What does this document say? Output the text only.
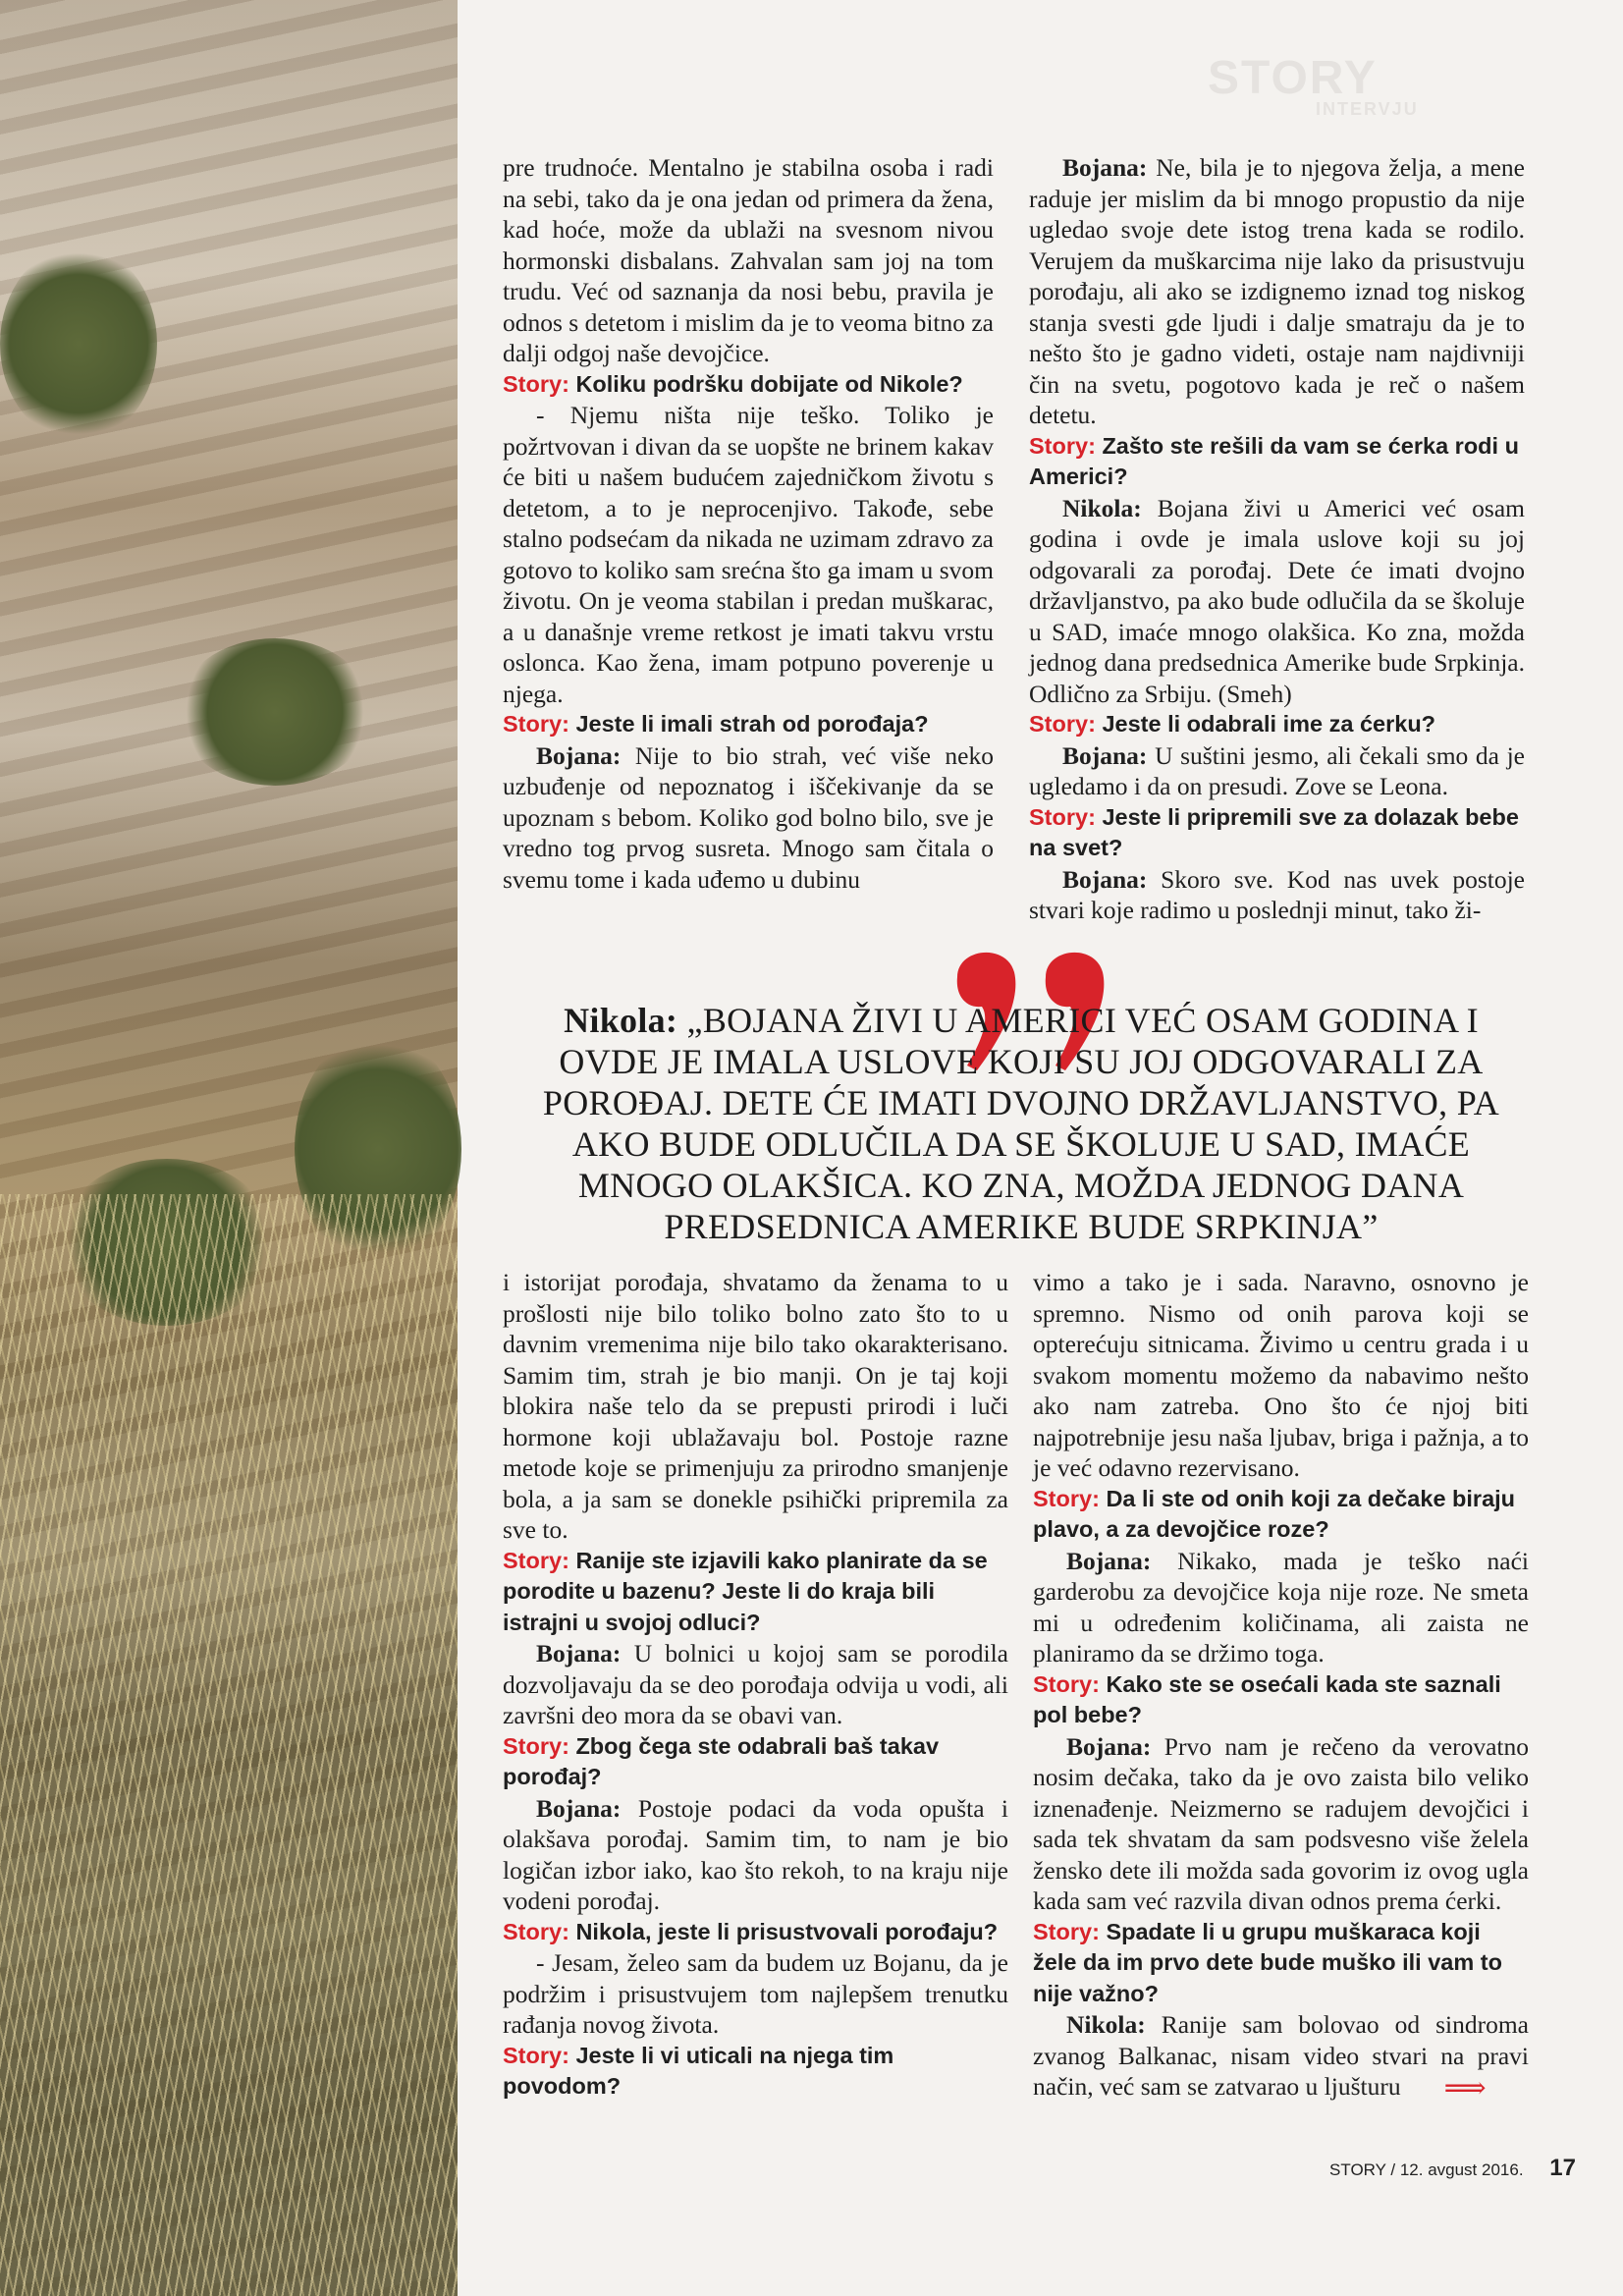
STORY
INTERVJU

pre trudnoće. Mentalno je stabilna osoba i radi na sebi, tako da je ona jedan od primera da žena, kad hoće, može da ublaži na svesnom nivou hormonski disbalans. Zahvalan sam joj na tom trudu. Već od saznanja da nosi bebu, pravila je odnos s detetom i mislim da je to veoma bitno za dalji odgoj naše devojčice.

Story: Koliku podršku dobijate od Nikole?

- Njemu ništa nije teško. Toliko je požrtvovan i divan da se uopšte ne brinem kakav će biti u našem budućem zajedničkom životu s detetom, a to je neprocenjivo. Takođe, sebe stalno podsećam da nikada ne uzimam zdravo za gotovo to koliko sam srećna što ga imam u svom životu. On je veoma stabilan i predan muškarac, a u današnje vreme retkost je imati takvu vrstu oslonca. Kao žena, imam potpuno poverenje u njega.

Story: Jeste li imali strah od porođaja?

Bojana: Nije to bio strah, već više neko uzbuđenje od nepoznatog i iščekivanje da se upoznam s bebom. Koliko god bolno bilo, sve je vredno tog prvog susreta. Mnogo sam čitala o svemu tome i kada uđemo u dubinu

Bojana: Ne, bila je to njegova želja, a mene raduje jer mislim da bi mnogo propustio da nije ugledao svoje dete istog trena kada se rodilo. Verujem da muškarcima nije lako da prisustvuju porođaju, ali ako se izdignemo iznad tog niskog stanja svesti gde ljudi i dalje smatraju da je to nešto što je gadno videti, ostaje nam najdivniji čin na svetu, pogotovo kada je reč o našem detetu.

Story: Zašto ste rešili da vam se ćerka rodi u Americi?

Nikola: Bojana živi u Americi već osam godina i ovde je imala uslove koji su joj odgovarali za porođaj. Dete će imati dvojno državljanstvo, pa ako bude odlučila da se školuje u SAD, imaće mnogo olakšica. Ko zna, možda jednog dana predsednica Amerike bude Srpkinja. Odlično za Srbiju. (Smeh)

Story: Jeste li odabrali ime za ćerku?

Bojana: U suštini jesmo, ali čekali smo da je ugledamo i da on presudi. Zove se Leona.

Story: Jeste li pripremili sve za dolazak bebe na svet?

Bojana: Skoro sve. Kod nas uvek postoje stvari koje radimo u poslednji minut, tako ži-

Nikola: „BOJANA ŽIVI U AMERICI VEĆ OSAM GODINA I OVDE JE IMALA USLOVE KOJI SU JOJ ODGOVARALI ZA POROĐAJ. DETE ĆE IMATI DVOJNO DRŽAVLJANSTVO, PA AKO BUDE ODLUČILA DA SE ŠKOLUJE U SAD, IMAĆE MNOGO OLAKŠICA. KO ZNA, MOŽDA JEDNOG DANA PREDSEDNICA AMERIKE BUDE SRPKINJA”

i istorijat porođaja, shvatamo da ženama to u prošlosti nije bilo toliko bolno zato što to u davnim vremenima nije bilo tako okarakterisano. Samim tim, strah je bio manji. On je taj koji blokira naše telo da se prepusti prirodi i luči hormone koji ublažavaju bol. Postoje razne metode koje se primenjuju za prirodno smanjenje bola, a ja sam se donekle psihički pripremila za sve to.

Story: Ranije ste izjavili kako planirate da se porodite u bazenu? Jeste li do kraja bili istrajni u svojoj odluci?

Bojana: U bolnici u kojoj sam se porodila dozvoljavaju da se deo porođaja odvija u vodi, ali završni deo mora da se obavi van.

Story: Zbog čega ste odabrali baš takav porođaj?

Bojana: Postoje podaci da voda opušta i olakšava porođaj. Samim tim, to nam je bio logičan izbor iako, kao što rekoh, to na kraju nije vodeni porođaj.

Story: Nikola, jeste li prisustvovali porođaju?

- Jesam, želeo sam da budem uz Bojanu, da je podržim i prisustvujem tom najlepšem trenutku rađanja novog života.

Story: Jeste li vi uticali na njega tim povodom?

vimo a tako je i sada. Naravno, osnovno je spremno. Nismo od onih parova koji se opterećuju sitnicama. Živimo u centru grada i u svakom momentu možemo da nabavimo nešto ako nam zatreba. Ono što će njoj biti najpotrebnije jesu naša ljubav, briga i pažnja, a to je već odavno rezervisano.

Story: Da li ste od onih koji za dečake biraju plavo, a za devojčice roze?

Bojana: Nikako, mada je teško naći garderobu za devojčice koja nije roze. Ne smeta mi u određenim količinama, ali zaista ne planiramo da se držimo toga.

Story: Kako ste se osećali kada ste saznali pol bebe?

Bojana: Prvo nam je rečeno da verovatno nosim dečaka, tako da je ovo zaista bilo veliko iznenađenje. Neizmerno se radujem devojčici i sada tek shvatam da sam podsvesno više želela žensko dete ili možda sada govorim iz ovog ugla kada sam već razvila divan odnos prema ćerki.

Story: Spadate li u grupu muškaraca koji žele da im prvo dete bude muško ili vam to nije važno?

Nikola: Ranije sam bolovao od sindroma zvanog Balkanac, nisam video stvari na pravi način, već sam se zatvarao u ljušturu ⟹

STORY / 12. avgust 2016. 17
